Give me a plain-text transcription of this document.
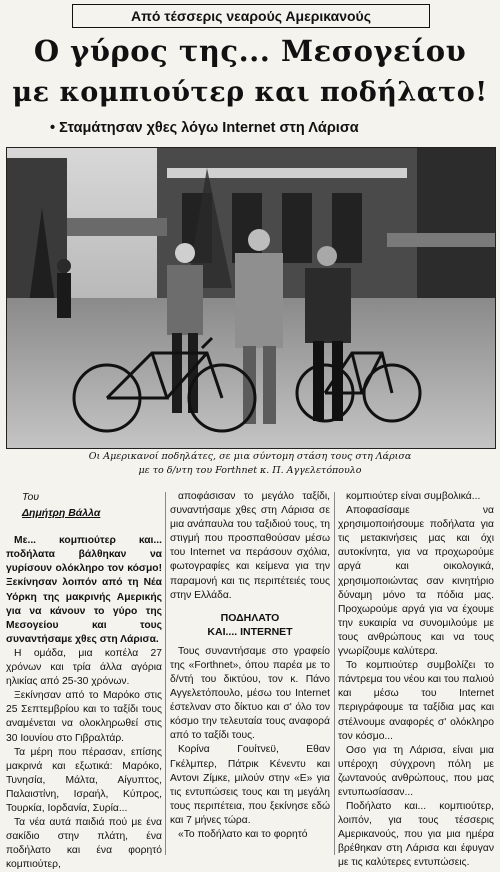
Από τέσσερις νεαρούς Αμερικανούς
Ο γύρος της... Μεσογείου
με κομπιούτερ και ποδήλατο!
• Σταμάτησαν χθες λόγω Internet στη Λάρισα
Οι Αμερικανοί ποδηλάτες, σε μια σύντομη στάση τους στη Λάρισα
με το δ/ντη του Forthnet κ. Π. Αγγελετόπουλο
Του
Δημήτρη Βάλλα

Με... κομπιούτερ και... ποδήλατα βάλθηκαν να γυρίσουν ολόκληρο τον κόσμο! Ξεκίνησαν λοιπόν από τη Νέα Υόρκη της μακρινής Αμερικής για να κάνουν το γύρο της Μεσογείου και τους συναντήσαμε χθες στη Λάρισα.

Η ομάδα, μια κοπέλα 27 χρόνων και τρία άλλα αγόρια ηλικίας από 25-30 χρόνων.

Ξεκίνησαν από το Μαρόκο στις 25 Σεπτεμβρίου και το ταξίδι τους αναμένεται να ολοκληρωθεί στις 30 Ιουνίου στο Γιβραλτάρ.

Τα μέρη που πέρασαν, επίσης μακρινά και εξωτικά: Μαρόκο, Τυνησία, Μάλτα, Αίγυπτος, Παλαιστίνη, Ισραήλ, Κύπρος, Τουρκία, Ιορδανία, Συρία...

Τα νέα αυτά παιδιά πού με ένα σακίδιο στην πλάτη, ένα ποδήλατο και ένα φορητό κομπιούτερ,

αποφάσισαν το μεγάλο ταξίδι, συναντήσαμε χθες στη Λάρισα σε μια ανάπαυλα του ταξιδιού τους, τη στιγμή που προσπαθούσαν μέσω του Internet να περάσουν σχόλια, φωτογραφίες και κείμενα για την παραμονή και τις περιπέτειές τους στην Ελλάδα.

ΠΟΔΗΛΑΤΟ
ΚΑΙ.... INTERNET

Τους συναντήσαμε στο γραφείο της «Forthnet», όπου παρέα με το δ/ντή του δικτύου, τον κ. Πάνο Αγγελετόπουλο, μέσω του Internet έστελναν στο δίκτυο και σ' όλο τον κόσμο την τελευταία τους αναφορά από το ταξίδι τους.

Κορίνα Γουίτνεϋ, Εθαν Γκέλμπερ, Πάτρικ Κένεντυ και Αντονι Ζίμκε, μιλούν στην «Ε» για τις εντυπώσεις τους και τη μεγάλη τους περιπέτεια, που ξεκίνησε εδώ και 7 μήνες τώρα.

«Το ποδήλατο και το φορητό

κομπιούτερ είναι συμβολικά...

Αποφασίσαμε να χρησιμοποιήσουμε ποδήλατα για τις μετακινήσεις μας και όχι αυτοκίνητα, για να προχωρούμε αργά και οικολογικά, χρησιμοποιώντας σαν κινητήριο δύναμη μόνο τα πόδια μας. Προχωρούμε αργά για να έχουμε την ευκαιρία να συνομιλούμε με τους ανθρώπους και να τους γνωρίζουμε καλύτερα.

Το κομπιούτερ συμβολίζει το πάντρεμα του νέου και του παλιού και μέσω του Internet περιγράφουμε τα ταξίδια μας και στέλνουμε αναφορές σ' ολόκληρο τον κόσμο...

Οσο για τη Λάρισα, είναι μια υπέροχη σύγχρονη πόλη με ζωντανούς ανθρώπους, που μας εντυπωσίασαν...

Ποδήλατο και... κομπιούτερ, λοιπόν, για τους τέσσερις Αμερικανούς, που για μια ημέρα βρέθηκαν στη Λάρισα και έφυγαν με τις καλύτερες εντυπώσεις.
